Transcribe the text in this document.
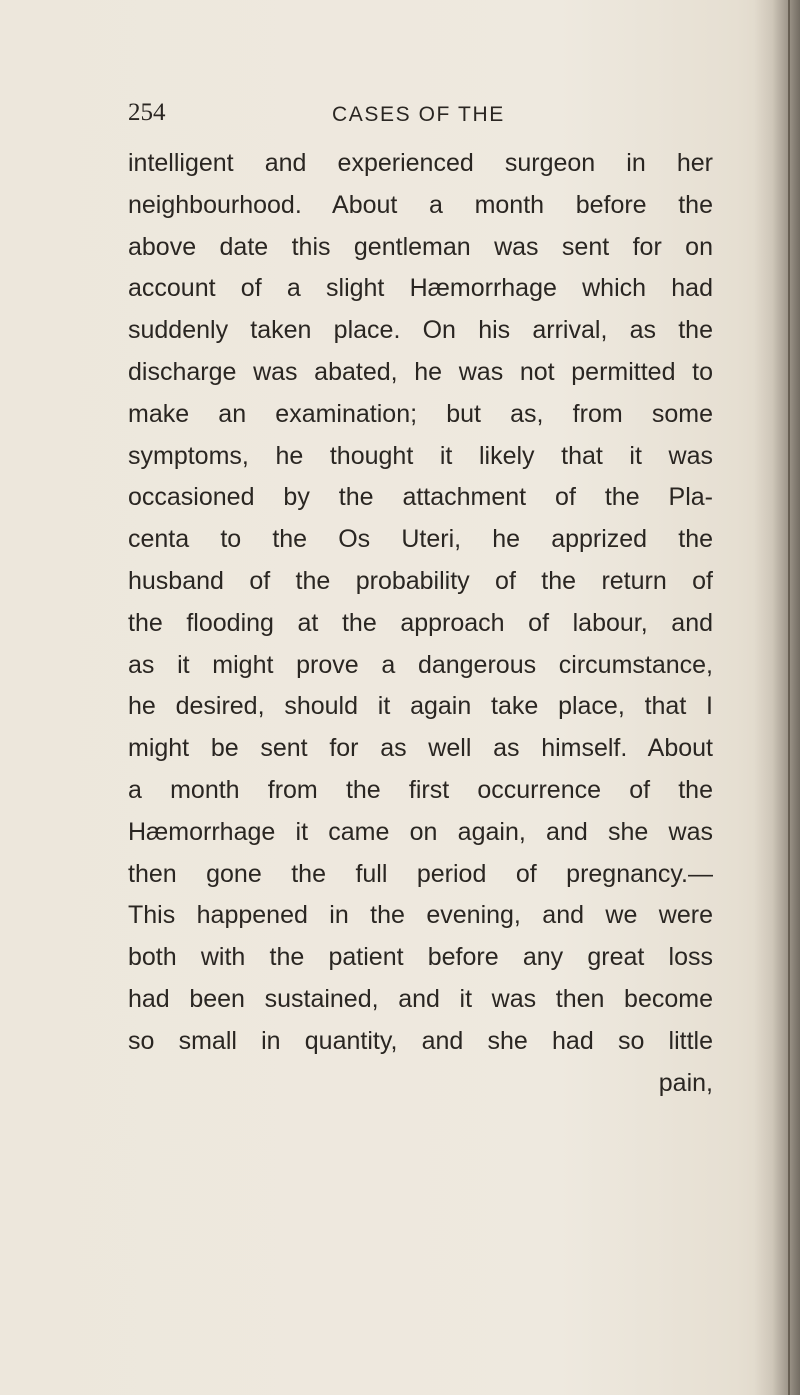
254	CASES OF THE
intelligent and experienced surgeon in her
neighbourhood. About a month before the
above date this gentleman was sent for on
account of a slight Hæmorrhage which had
suddenly taken place. On his arrival, as the
discharge was abated, he was not permitted to
make an examination; but as, from some
symptoms, he thought it likely that it was
occasioned by the attachment of the Pla-
centa to the Os Uteri, he apprized the
husband of the probability of the return of
the flooding at the approach of labour, and
as it might prove a dangerous circumstance,
he desired, should it again take place, that I
might be sent for as well as himself. About
a month from the first occurrence of the
Hæmorrhage it came on again, and she was
then gone the full period of pregnancy.—
This happened in the evening, and we were
both with the patient before any great loss
had been sustained, and it was then become
so small in quantity, and she had so little
pain,
